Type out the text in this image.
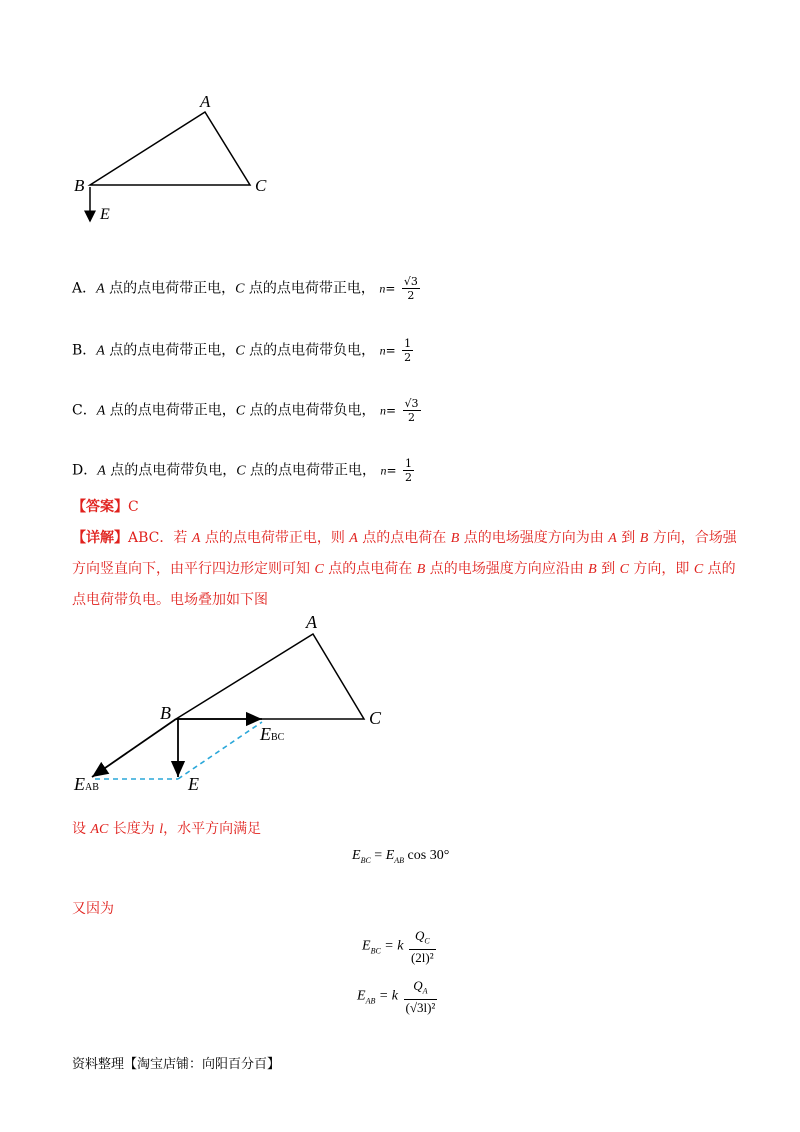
A
B	C
E
A．A 点的点电荷带正电，C 点的点电荷带正电， $n= \frac{√3}{2}$
B．A 点的点电荷带正电，C 点的点电荷带负电， $n= \frac{1}{2}$
C．A 点的点电荷带正电，C 点的点电荷带负电， $n= \frac{√3}{2}$
D．A 点的点电荷带负电，C 点的点电荷带正电， $n= \frac{1}{2}$
【答案】C
【详解】ABC．若 A 点的点电荷带正电，则 A 点的点电荷在 B 点的电场强度方向为由 A 到 B 方向，合场强
方向竖直向下，由平行四边形定则可知 C 点的点电荷在 B 点的电场强度方向应沿由 B 到 C 方向，即 C 点的
点电荷带负电。电场叠加如下图
A
B	C
E
EBC
EAB
设 AC 长度为 l，水平方向满足
$E_{BC} = E_{AB}$ cos 30°
又因为
$E_{BC} = k \frac{Q_C}{\text{(2l)²}}$
$E_{AB} = k \frac{Q_A}{\text{(√3l)²}}$
资料整理【淘宝店铺：向阳百分百】
